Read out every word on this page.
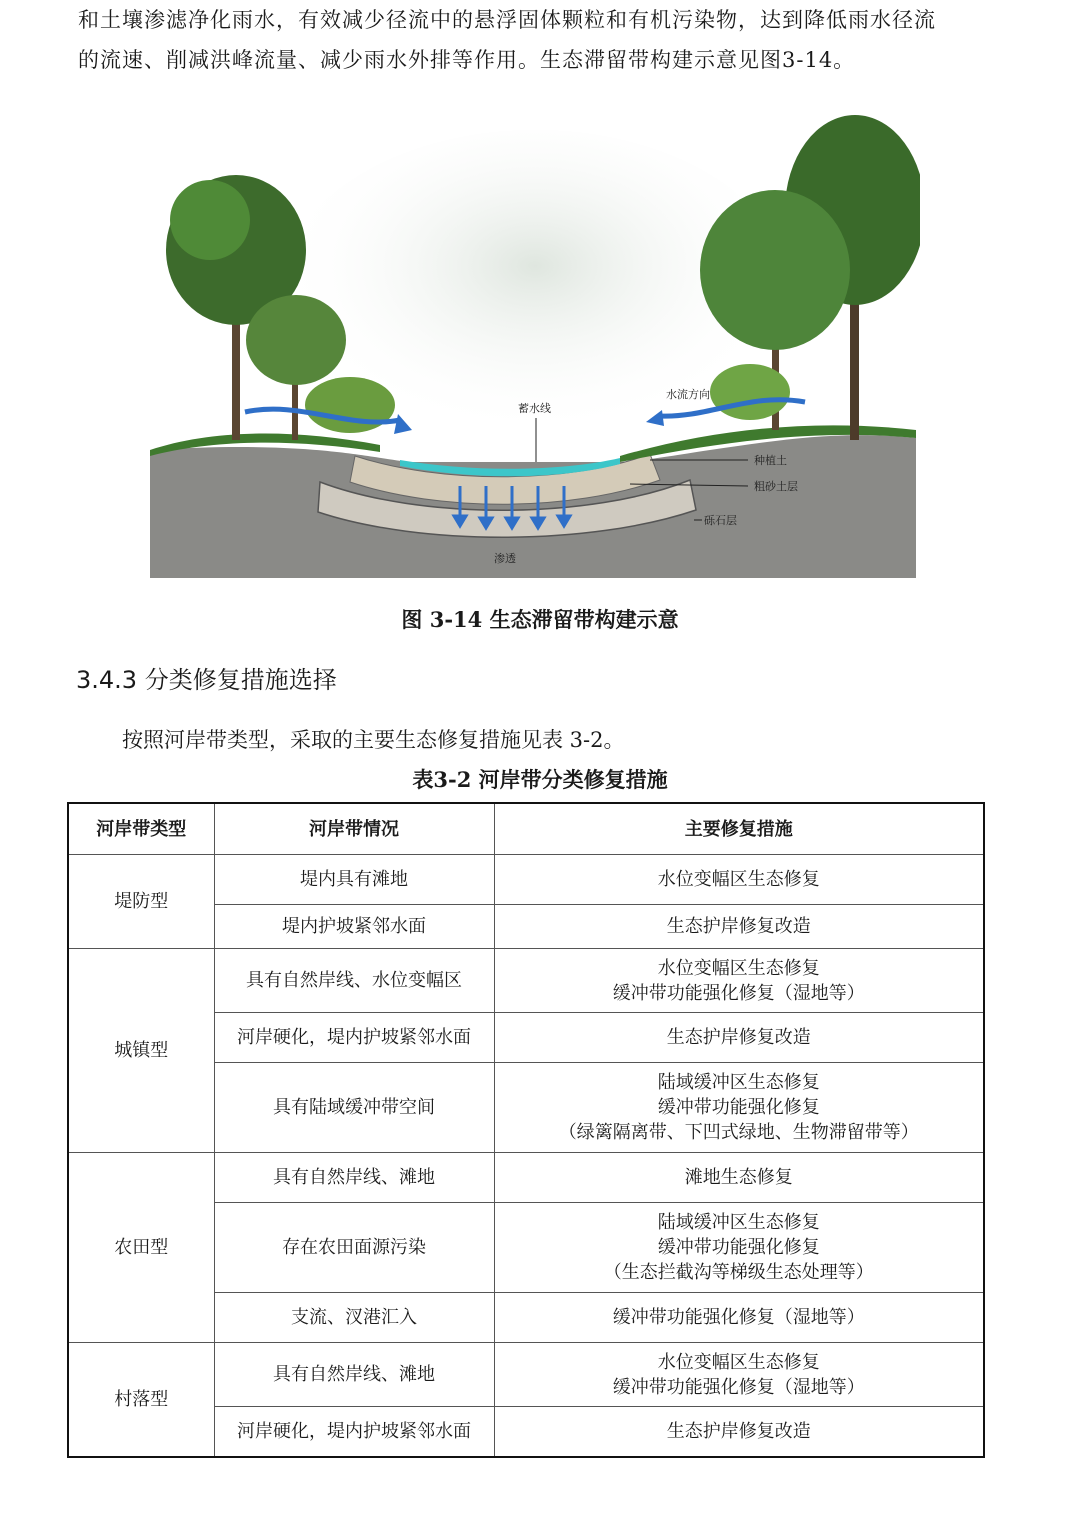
和土壤渗滤净化雨水，有效减少径流中的悬浮固体颗粒和有机污染物，达到降低雨水径流

的流速、削减洪峰流量、减少雨水外排等作用。生态滞留带构建示意见图3-14。

蓄水线
水流方向
种植土
粗砂土层
砾石层
渗透
图 3-14 生态滞留带构建示意
3.4.3 分类修复措施选择
按照河岸带类型，采取的主要生态修复措施见表 3-2。
表3-2 河岸带分类修复措施
河岸带类型	河岸带情况	主要修复措施
堤防型	堤内具有滩地	水位变幅区生态修复

	堤内护坡紧邻水面	生态护岸修复改造

城镇型	具有自然岸线、水位变幅区	水位变幅区生态修复
缓冲带功能强化修复（湿地等）

	河岸硬化，堤内护坡紧邻水面	生态护岸修复改造

	具有陆域缓冲带空间	陆域缓冲区生态修复
缓冲带功能强化修复
（绿篱隔离带、下凹式绿地、生物滞留带等）

农田型	具有自然岸线、滩地	滩地生态修复

	存在农田面源污染	陆域缓冲区生态修复
缓冲带功能强化修复
（生态拦截沟等梯级生态处理等）

	支流、汊港汇入	缓冲带功能强化修复（湿地等）

村落型	具有自然岸线、滩地	水位变幅区生态修复
缓冲带功能强化修复（湿地等）

	河岸硬化，堤内护坡紧邻水面	生态护岸修复改造
